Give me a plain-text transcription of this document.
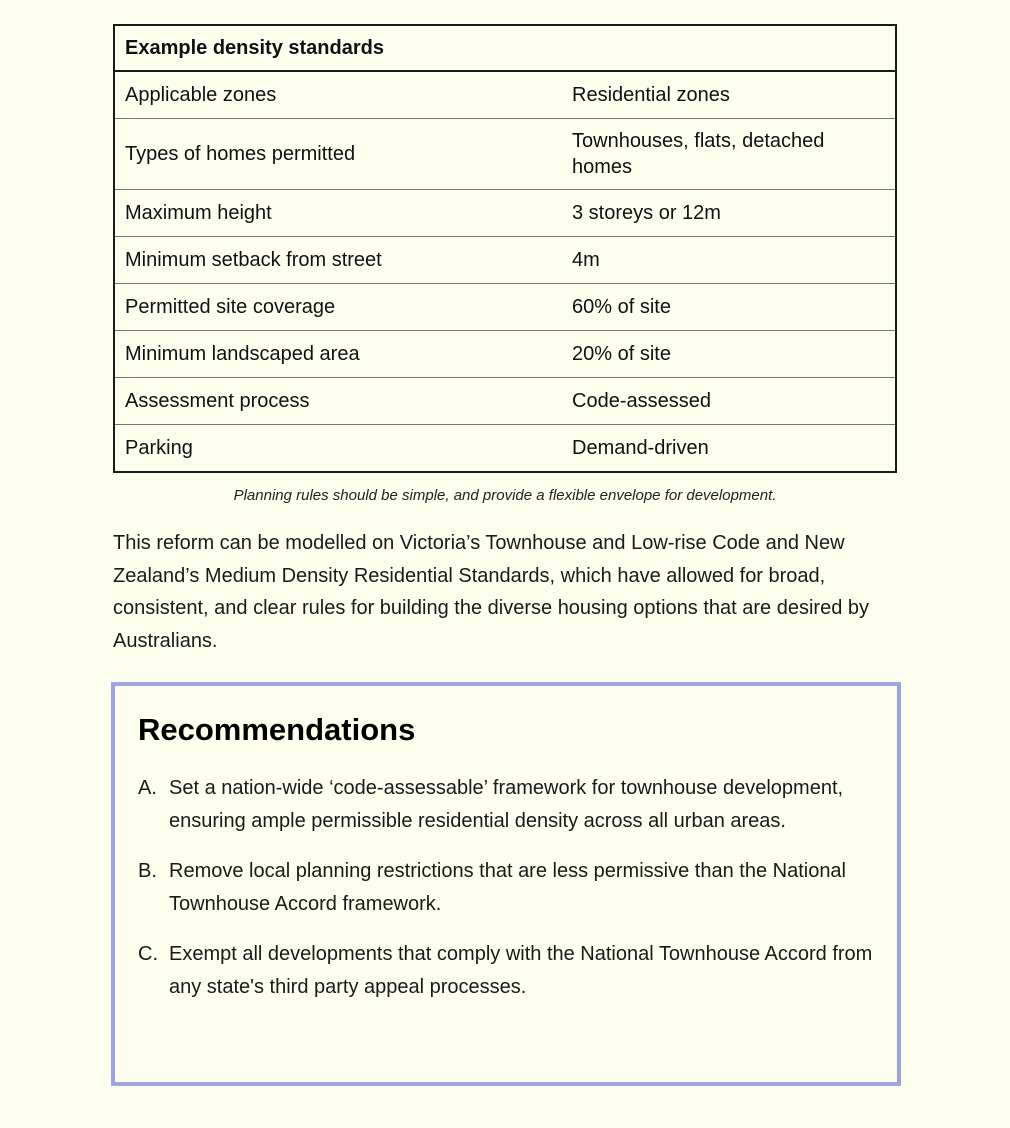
Example density standards	
Applicable zones	Residential zones
Types of homes permitted	Townhouses, flats, detached homes
Maximum height	3 storeys or 12m
Minimum setback from street	4m
Permitted site coverage	60% of site
Minimum landscaped area	20% of site
Assessment process	Code-assessed
Parking	Demand-driven
Planning rules should be simple, and provide a flexible envelope for development.

This reform can be modelled on Victoria’s Townhouse and Low-rise Code and New Zealand’s Medium Density Residential Standards, which have allowed for broad, consistent, and clear rules for building the diverse housing options that are desired by Australians.

Recommendations
A. Set a nation-wide ‘code-assessable’ framework for townhouse development, ensuring ample permissible residential density across all urban areas.
B. Remove local planning restrictions that are less permissive than the National Townhouse Accord framework.
C. Exempt all developments that comply with the National Townhouse Accord from any state's third party appeal processes.
